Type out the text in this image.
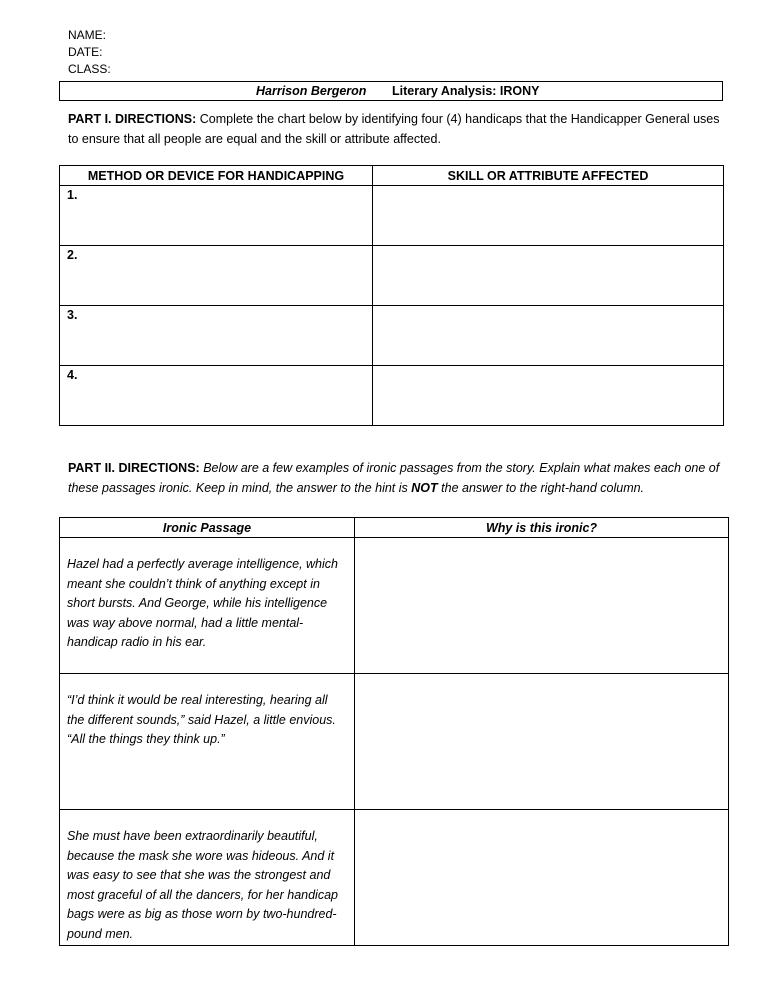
NAME:
DATE:
CLASS:
Harrison Bergeron Literary Analysis: IRONY
PART I. DIRECTIONS: Complete the chart below by identifying four (4) handicaps that the Handicapper General uses to ensure that all people are equal and the skill or attribute affected.
METHOD OR DEVICE FOR HANDICAPPING	SKILL OR ATTRIBUTE AFFECTED
1.	
2.	
3.	
4.	
PART II. DIRECTIONS: Below are a few examples of ironic passages from the story. Explain what makes each one of these passages ironic. Keep in mind, the answer to the hint is NOT the answer to the right-hand column.
Ironic Passage	Why is this ironic?
Hazel had a perfectly average intelligence, which meant she couldn’t think of anything except in short bursts. And George, while his intelligence was way above normal, had a little mental-handicap radio in his ear.	
“I’d think it would be real interesting, hearing all the different sounds,” said Hazel, a little envious. “All the things they think up.”	
She must have been extraordinarily beautiful, because the mask she wore was hideous. And it was easy to see that she was the strongest and most graceful of all the dancers, for her handicap bags were as big as those worn by two-hundred-pound men.	
